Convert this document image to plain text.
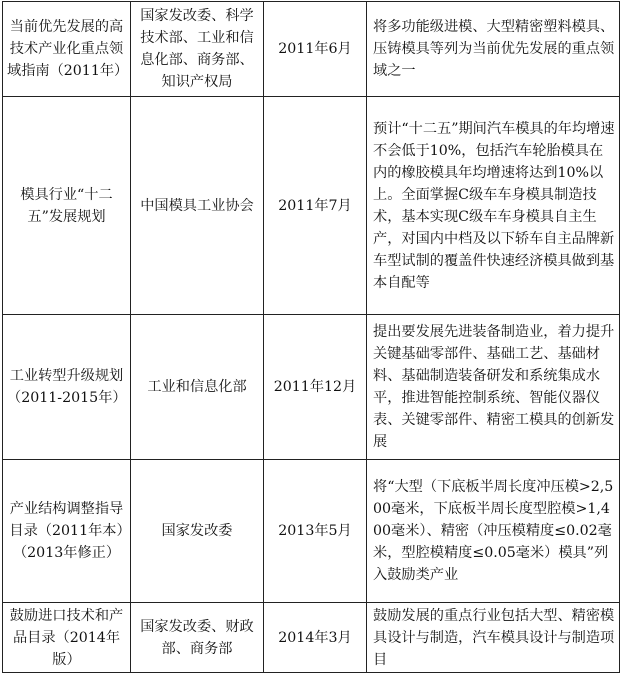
当前优先发展的高技术产业化重点领域指南（2011年）	国家发改委、科学技术部、工业和信息化部、商务部、知识产权局	2011年6月	将多功能级进模、大型精密塑料模具、压铸模具等列为当前优先发展的重点领域之一
模具行业“十二五”发展规划	中国模具工业协会	2011年7月	预计“十二五”期间汽车模具的年均增速不会低于10%，包括汽车轮胎模具在内的橡胶模具年均增速将达到10%以上。全面掌握C级车车身模具制造技术，基本实现C级车车身模具自主生产，对国内中档及以下轿车自主品牌新车型试制的覆盖件快速经济模具做到基本自配等
工业转型升级规划（2011-2015年）	工业和信息化部	2011年12月	提出要发展先进装备制造业，着力提升关键基础零部件、基础工艺、基础材料、基础制造装备研发和系统集成水平，推进智能控制系统、智能仪器仪表、关键零部件、精密工模具的创新发展
产业结构调整指导目录（2011年本）（2013年修正）	国家发改委	2013年5月	将“大型（下底板半周长度冲压模>2,500毫米，下底板半周长度型腔模>1,400毫米）、精密（冲压模精度≤0.02毫米，型腔模精度≤0.05毫米）模具”列入鼓励类产业
鼓励进口技术和产品目录（2014年版）	国家发改委、财政部、商务部	2014年3月	鼓励发展的重点行业包括大型、精密模具设计与制造，汽车模具设计与制造项目
